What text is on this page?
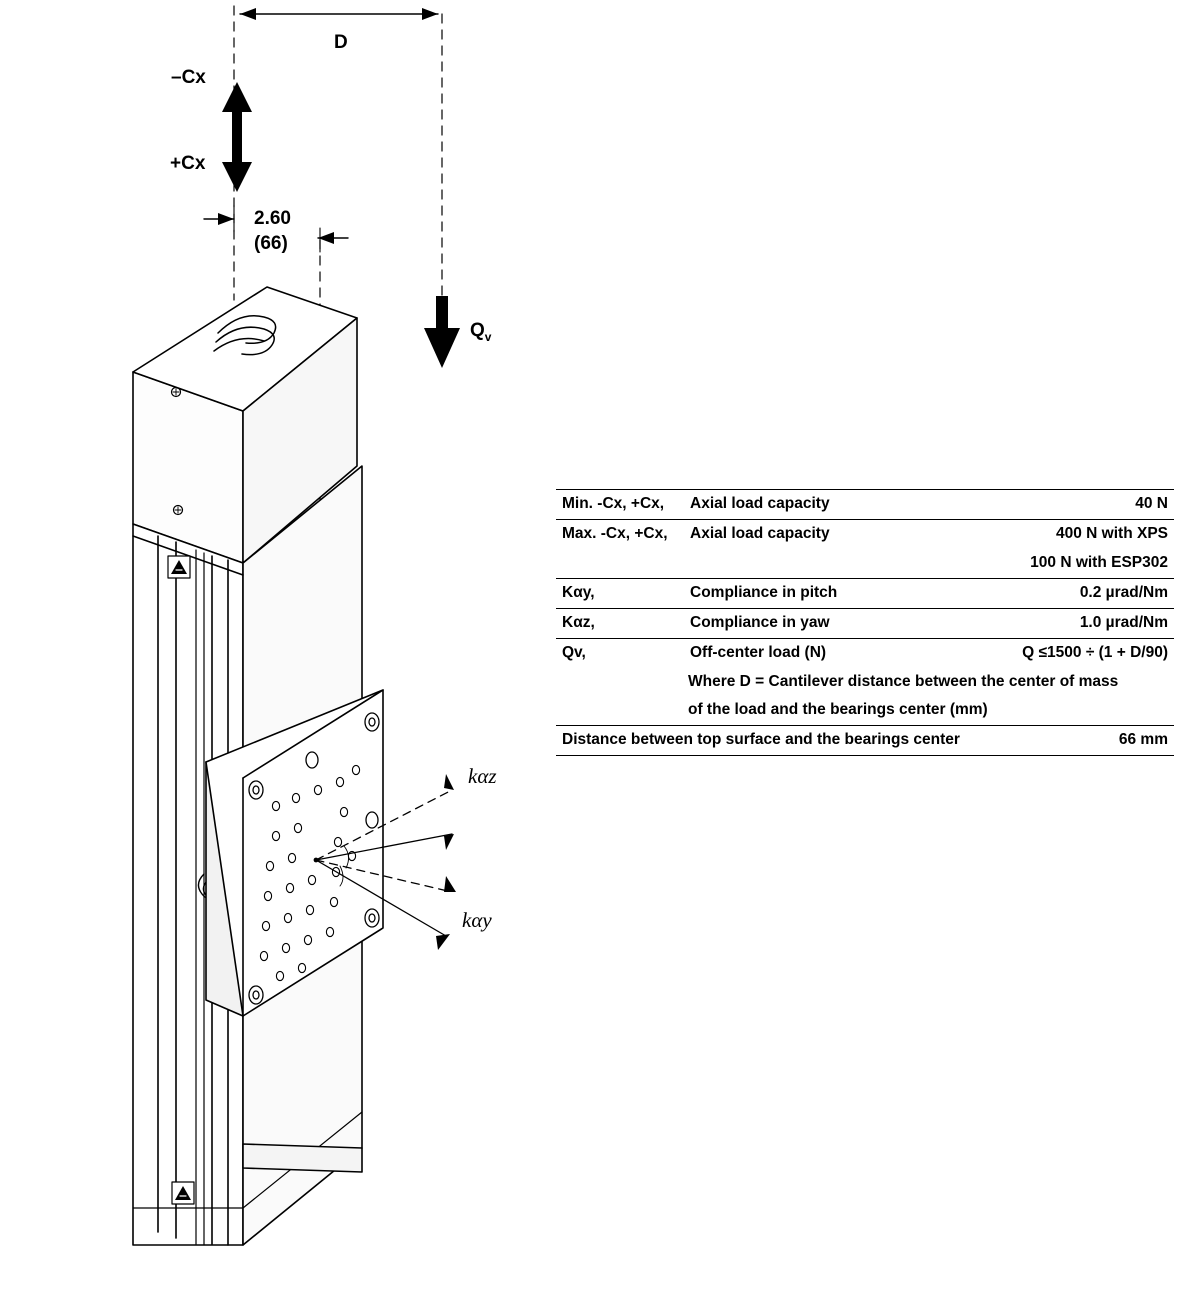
D
–Cx
+Cx
2.60
(66)
$Q_v$
kαz
kαy
Min. -Cx, +Cx,	Axial load capacity	40 N
Max. -Cx, +Cx,	Axial load capacity	400 N with XPS
		100 N with ESP302
Kαy,	Compliance in pitch	0.2 µrad/Nm
Kαz,	Compliance in yaw	1.0 µrad/Nm
Qv,	Off-center load (N)	Q ≤1500 ÷ (1 + D/90)
Where D = Cantilever distance between the center of mass		
of the load and the bearings center (mm)		
Distance between top surface and the bearings center		66 mm
